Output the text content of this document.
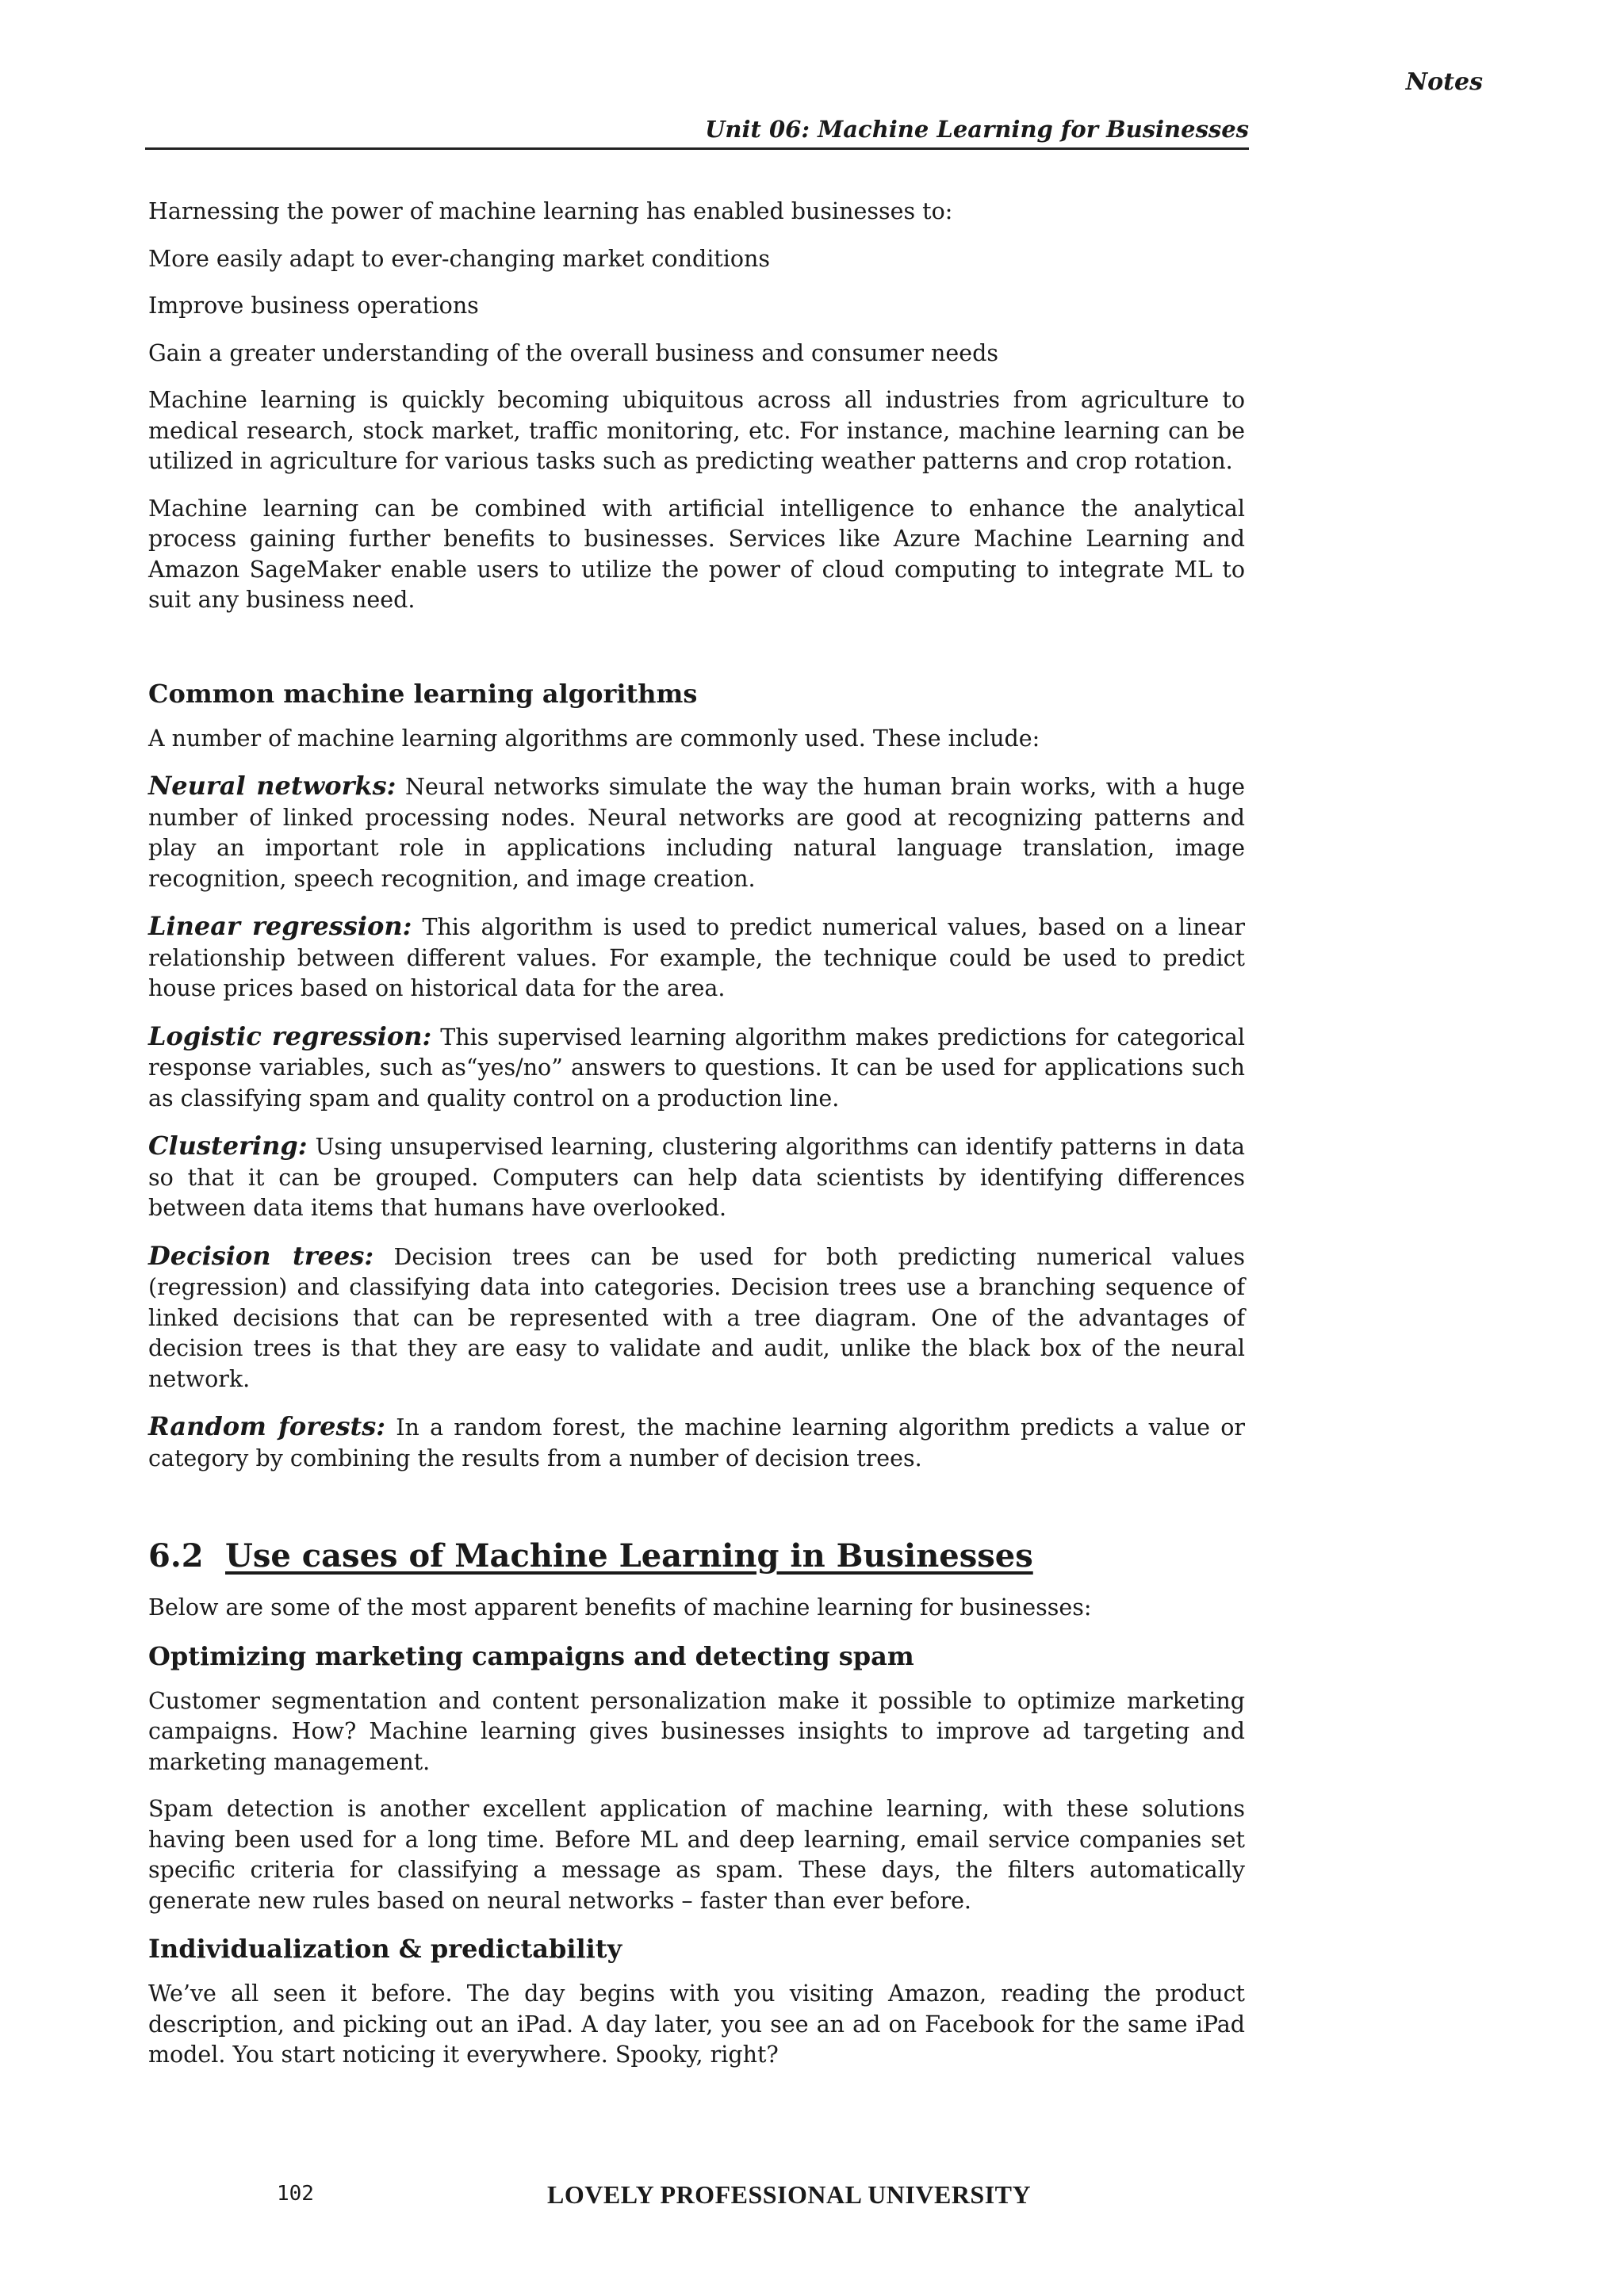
Notes
Unit 06: Machine Learning for Businesses

Harnessing the power of machine learning has enabled businesses to:

More easily adapt to ever-changing market conditions

Improve business operations

Gain a greater understanding of the overall business and consumer needs

Machine learning is quickly becoming ubiquitous across all industries from agriculture to medical research, stock market, traffic monitoring, etc. For instance, machine learning can be utilized in agriculture for various tasks such as predicting weather patterns and crop rotation.

Machine learning can be combined with artificial intelligence to enhance the analytical process gaining further benefits to businesses. Services like Azure Machine Learning and Amazon SageMaker enable users to utilize the power of cloud computing to integrate ML to suit any business need.

Common machine learning algorithms

A number of machine learning algorithms are commonly used. These include:

Neural networks: Neural networks simulate the way the human brain works, with a huge number of linked processing nodes. Neural networks are good at recognizing patterns and play an important role in applications including natural language translation, image recognition, speech recognition, and image creation.

Linear regression: This algorithm is used to predict numerical values, based on a linear relationship between different values. For example, the technique could be used to predict house prices based on historical data for the area.

Logistic regression: This supervised learning algorithm makes predictions for categorical response variables, such as“yes/no” answers to questions. It can be used for applications such as classifying spam and quality control on a production line.

Clustering: Using unsupervised learning, clustering algorithms can identify patterns in data so that it can be grouped. Computers can help data scientists by identifying differences between data items that humans have overlooked.

Decision trees: Decision trees can be used for both predicting numerical values (regression) and classifying data into categories. Decision trees use a branching sequence of linked decisions that can be represented with a tree diagram. One of the advantages of decision trees is that they are easy to validate and audit, unlike the black box of the neural network.

Random forests: In a random forest, the machine learning algorithm predicts a value or category by combining the results from a number of decision trees.

6.2 Use cases of Machine Learning in Businesses

Below are some of the most apparent benefits of machine learning for businesses:

Optimizing marketing campaigns and detecting spam

Customer segmentation and content personalization make it possible to optimize marketing campaigns. How? Machine learning gives businesses insights to improve ad targeting and marketing management.

Spam detection is another excellent application of machine learning, with these solutions having been used for a long time. Before ML and deep learning, email service companies set specific criteria for classifying a message as spam. These days, the filters automatically generate new rules based on neural networks – faster than ever before.

Individualization & predictability

We’ve all seen it before. The day begins with you visiting Amazon, reading the product description, and picking out an iPad. A day later, you see an ad on Facebook for the same iPad model. You start noticing it everywhere. Spooky, right?

102	LOVELY PROFESSIONAL UNIVERSITY
